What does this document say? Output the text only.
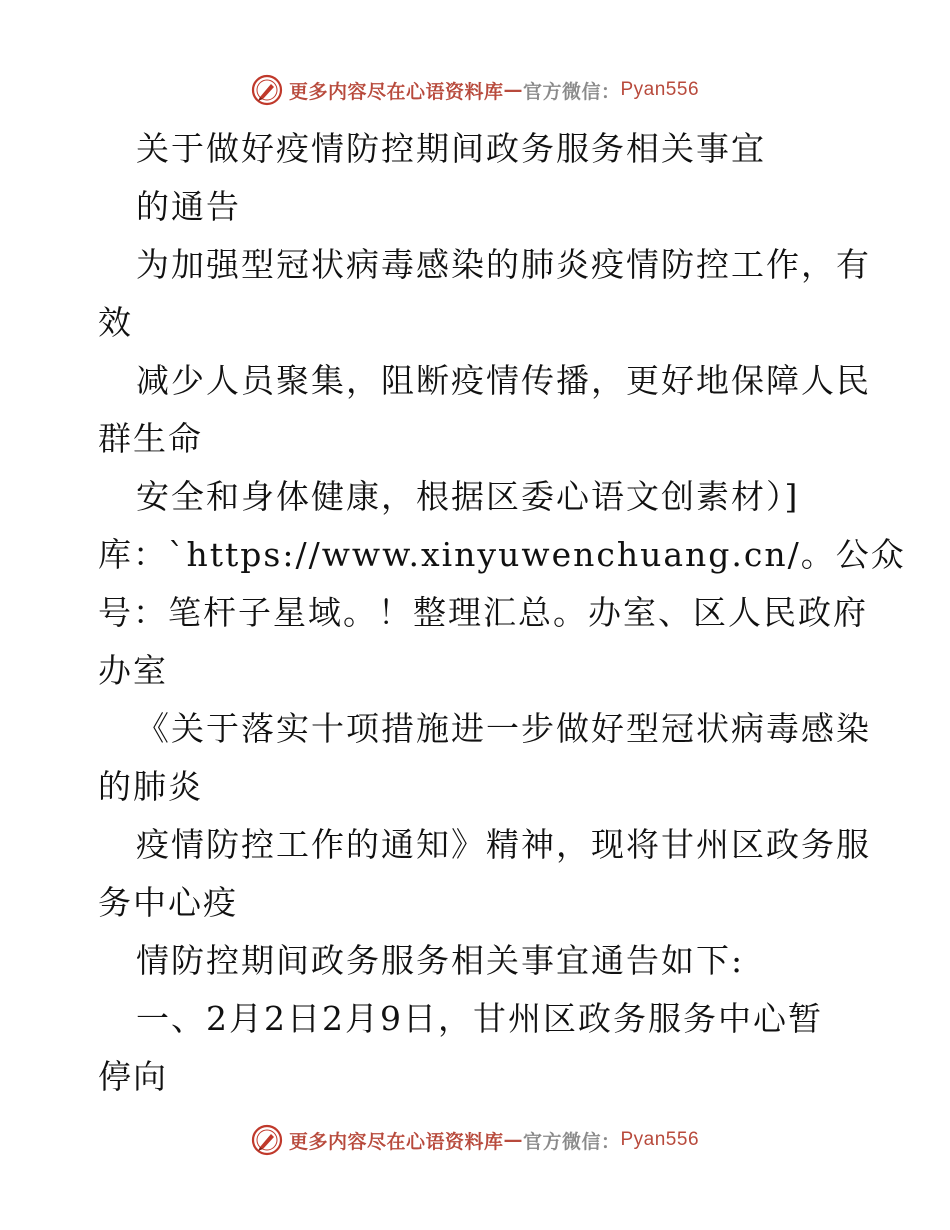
更多内容尽在心语资料库 — 官方微信： Pyan556
关于做好疫情防控期间政务服务相关事宜
的通告
为加强型冠状病毒感染的肺炎疫情防控工作，有
效
减少人员聚集，阻断疫情传播，更好地保障人民
群生命
安全和身体健康，根据区委心语文创素材）]
库：`https://www.xinyuwenchuang.cn/。公众
号：笔杆子星域。！整理汇总。办室、区人民政府
办室
《关于落实十项措施进一步做好型冠状病毒感染
的肺炎
疫情防控工作的通知》精神，现将甘州区政务服
务中心疫
情防控期间政务服务相关事宜通告如下:
一、2月2日2月9日，甘州区政务服务中心暂
停向
更多内容尽在心语资料库 — 官方微信： Pyan556
